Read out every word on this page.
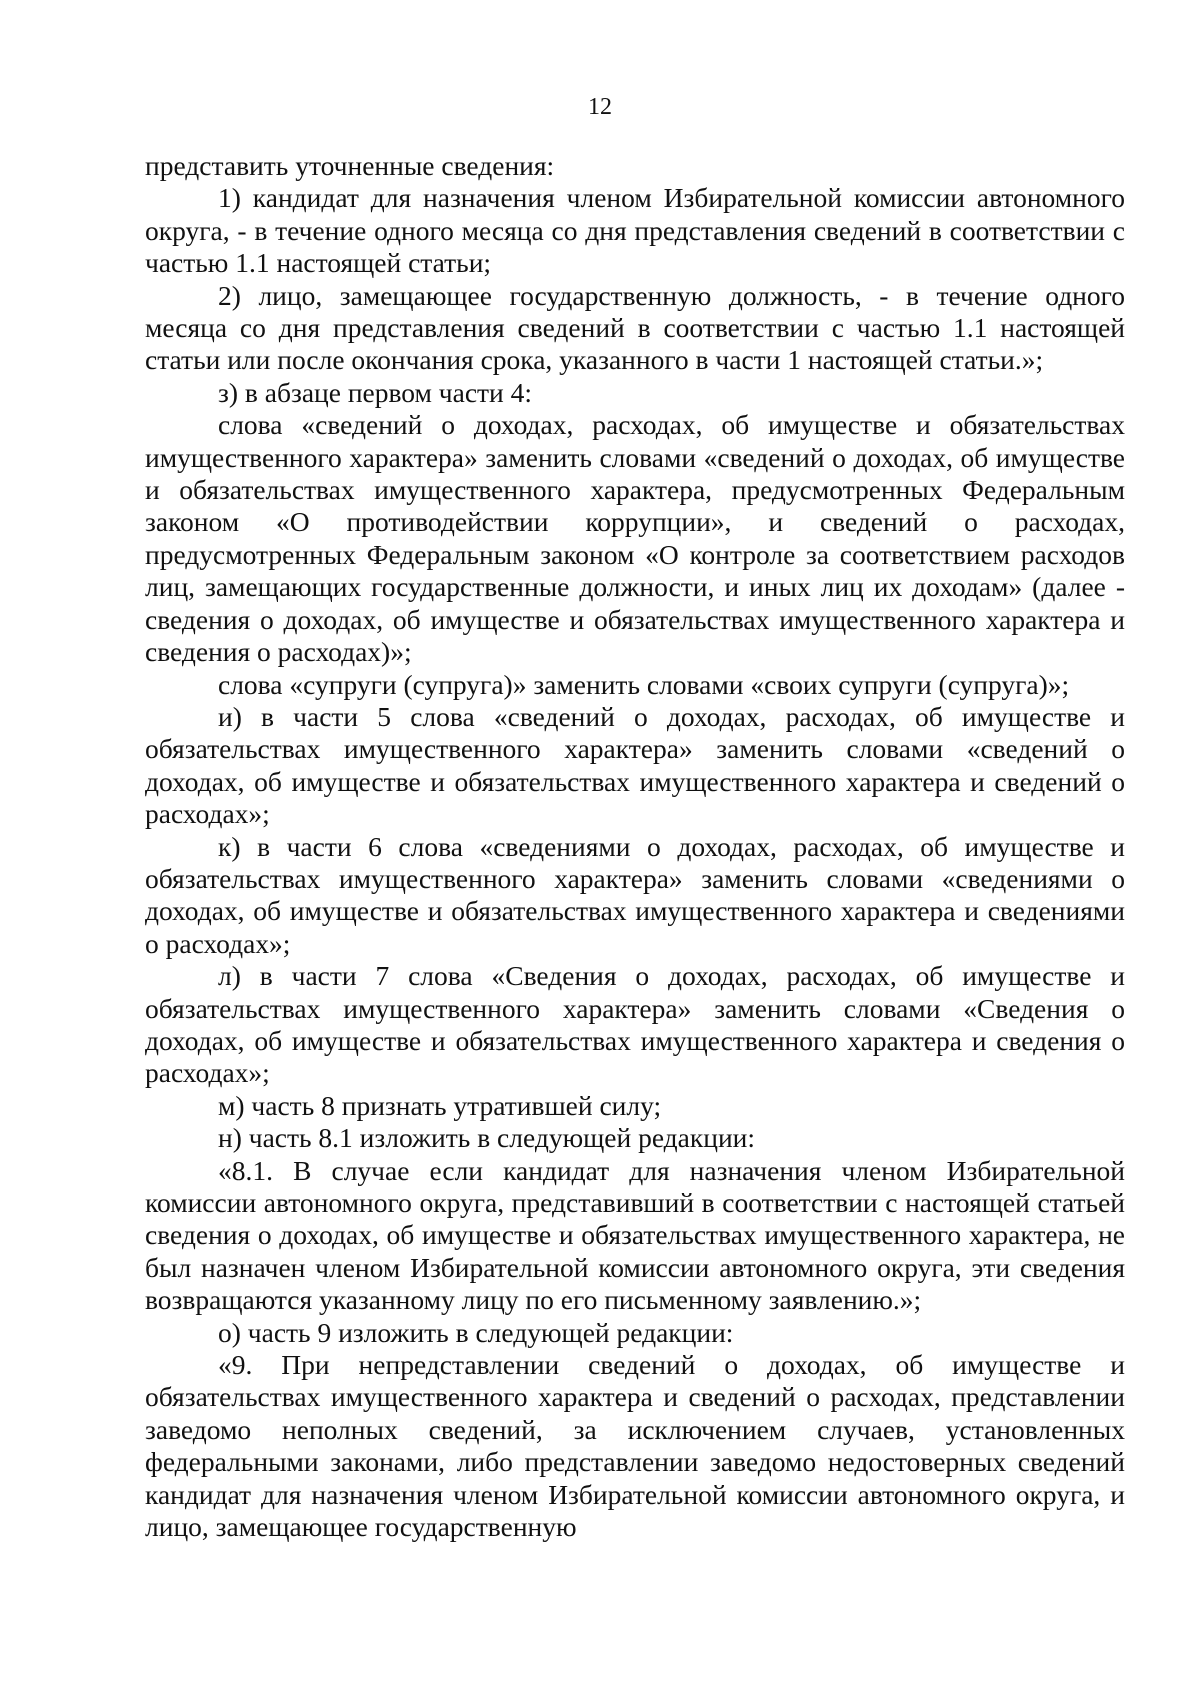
12

представить уточненные сведения:

1) кандидат для назначения членом Избирательной комиссии автономного округа, - в течение одного месяца со дня представления сведений в соответствии с частью 1.1 настоящей статьи;

2) лицо, замещающее государственную должность, - в течение одного месяца со дня представления сведений в соответствии с частью 1.1 настоящей статьи или после окончания срока, указанного в части 1 настоящей статьи.»;

з) в абзаце первом части 4:

слова «сведений о доходах, расходах, об имуществе и обязательствах имущественного характера» заменить словами «сведений о доходах, об имуществе и обязательствах имущественного характера, предусмотренных Федеральным законом «О противодействии коррупции», и сведений о расходах, предусмотренных Федеральным законом «О контроле за соответствием расходов лиц, замещающих государственные должности, и иных лиц их доходам» (далее - сведения о доходах, об имуществе и обязательствах имущественного характера и сведения о расходах)»;

слова «супруги (супруга)» заменить словами «своих супруги (супруга)»;

и) в части 5 слова «сведений о доходах, расходах, об имуществе и обязательствах имущественного характера» заменить словами «сведений о доходах, об имуществе и обязательствах имущественного характера и сведений о расходах»;

к) в части 6 слова «сведениями о доходах, расходах, об имуществе и обязательствах имущественного характера» заменить словами «сведениями о доходах, об имуществе и обязательствах имущественного характера и сведениями о расходах»;

л) в части 7 слова «Сведения о доходах, расходах, об имуществе и обязательствах имущественного характера» заменить словами «Сведения о доходах, об имуществе и обязательствах имущественного характера и сведения о расходах»;

м) часть 8 признать утратившей силу;

н) часть 8.1 изложить в следующей редакции:

«8.1. В случае если кандидат для назначения членом Избирательной комиссии автономного округа, представивший в соответствии с настоящей статьей сведения о доходах, об имуществе и обязательствах имущественного характера, не был назначен членом Избирательной комиссии автономного округа, эти сведения возвращаются указанному лицу по его письменному заявлению.»;

о) часть 9 изложить в следующей редакции:

«9. При непредставлении сведений о доходах, об имуществе и обязательствах имущественного характера и сведений о расходах, представлении заведомо неполных сведений, за исключением случаев, установленных федеральными законами, либо представлении заведомо недостоверных сведений кандидат для назначения членом Избирательной комиссии автономного округа, и лицо, замещающее государственную
